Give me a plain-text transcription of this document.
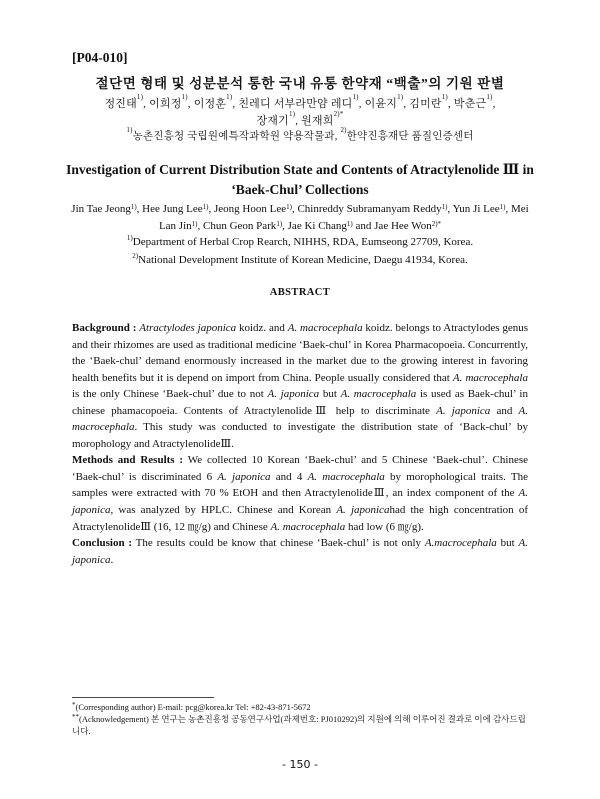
[P04-010]
절단면 형태 및 성분분석 통한 국내 유통 한약재 “백출”의 기원 판별
정진태$^{1)}$, 이희정$^{1)}$, 이정훈$^{1)}$, 친레디 서부라만얌 레디$^{1)}$, 이윤지$^{1)}$, 김미란$^{1)}$, 박춘근$^{1)}$,
장재기$^{1)}$, 원재희$^{2)*}$
$^{1)}$농촌진흥청 국립원예특작과학원 약용작물과, $^{2)}$한약진흥재단 품질인증센터
Investigation of Current Distribution State and Contents of Atractylenolide Ⅲ in
‘Baek-Chul’ Collections
Jin Tae Jeong$^{1)}$, Hee Jung Lee$^{1)}$, Jeong Hoon Lee$^{1)}$, Chinreddy Subramanyam Reddy$^{1)}$, Yun Ji Lee$^{1)}$, Mei Lan Jin$^{1)}$, Chun Geon Park$^{1)}$, Jae Ki Chang$^{1)}$ and Jae Hee Won$^{2)*}$
$^{1)}$Department of Herbal Crop Rearch, NIHHS, RDA, Eumseong 27709, Korea.
$^{2)}$National Development Institute of Korean Medicine, Daegu 41934, Korea.
ABSTRACT

Background : Atractylodes japonica koidz. and A. macrocephala koidz. belongs to Atractylodes genus and their rhizomes are used as traditional medicine ‘Baek-chul’ in Korea Pharmacopoeia. Concurrently, the ‘Baek-chul’ demand enormously increased in the market due to the growing interest in favoring health benefits but it is depend on import from China. People usually considered that A. macrocephala is the only Chinese ‘Baek-chul’ due to not A. japonica but A. macrocephala is used as Baek-chul’ in chinese phamacopoeia. Contents of AtractylenolideⅢ help to discriminate A. japonica and A. macrocephala. This study was conducted to investigate the distribution state of ‘Back-chul’ by morophology and AtractylenolideⅢ.

Methods and Results : We collected 10 Korean ‘Baek-chul’ and 5 Chinese ‘Baek-chul’. Chinese ‘Baek-chul’ is discriminated 6 A. japonica and 4 A. macrocephala by morophological traits. The samples were extracted with 70 % EtOH and then AtractylenolideⅢ, an index component of the A. japonica, was analyzed by HPLC. Chinese and Korean A. japonicahad the high concentration of AtractylenolideⅢ (16, 12 ㎎/g) and Chinese A. macrocephala had low (6 ㎎/g).

Conclusion : The results could be know that chinese ‘Baek-chul’ is not only A.macrocephala but A. japonica.

*(Corresponding author) E-mail: pcg@korea.kr Tel: +82-43-871-5672
**(Acknowledgement) 본 연구는 농촌진흥청 공동연구사업(과제번호: PJ010292)의 지원에 의해 이루어진 결과로 이에 감사드립니다.
- 150 -
